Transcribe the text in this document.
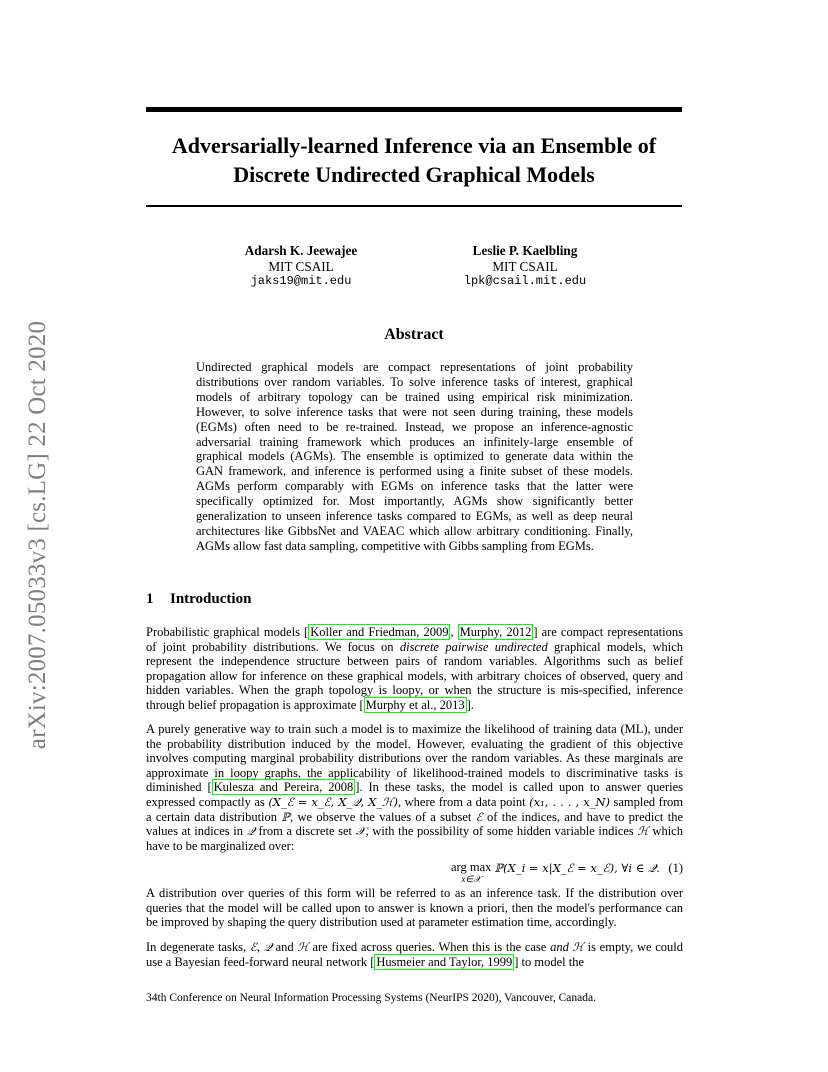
arXiv:2007.05033v3 [cs.LG] 22 Oct 2020
Adversarially-learned Inference via an Ensemble of
Discrete Undirected Graphical Models
Adarsh K. Jeewajee
MIT CSAIL
jaks19@mit.edu
Leslie P. Kaelbling
MIT CSAIL
lpk@csail.mit.edu
Abstract
Undirected graphical models are compact representations of joint probability distributions over random variables. To solve inference tasks of interest, graphical models of arbitrary topology can be trained using empirical risk minimization. However, to solve inference tasks that were not seen during training, these models (EGMs) often need to be re-trained. Instead, we propose an inference-agnostic adversarial training framework which produces an infinitely-large ensemble of graphical models (AGMs). The ensemble is optimized to generate data within the GAN framework, and inference is performed using a finite subset of these models. AGMs perform comparably with EGMs on inference tasks that the latter were specifically optimized for. Most importantly, AGMs show significantly better generalization to unseen inference tasks compared to EGMs, as well as deep neural architectures like GibbsNet and VAEAC which allow arbitrary conditioning. Finally, AGMs allow fast data sampling, competitive with Gibbs sampling from EGMs.
1 Introduction
Probabilistic graphical models [ Koller and Friedman, 2009 , Murphy, 2012 ] are compact representations of joint probability distributions. We focus on discrete pairwise undirected graphical models, which represent the independence structure between pairs of random variables. Algorithms such as belief propagation allow for inference on these graphical models, with arbitrary choices of observed, query and hidden variables. When the graph topology is loopy, or when the structure is mis-specified, inference through belief propagation is approximate [ Murphy et al., 2013 ].
A purely generative way to train such a model is to maximize the likelihood of training data (ML), under the probability distribution induced by the model. However, evaluating the gradient of this objective involves computing marginal probability distributions over the random variables. As these marginals are approximate in loopy graphs, the applicability of likelihood-trained models to discriminative tasks is diminished [ Kulesza and Pereira, 2008 ]. In these tasks, the model is called upon to answer queries expressed compactly as (X_ℰ = x_ℰ, X_𝒬, X_ℋ), where from a data point (x₁, . . . , x_N) sampled from a certain data distribution ℙ, we observe the values of a subset ℰ of the indices, and have to predict the values at indices in 𝒬 from a discrete set 𝒳, with the possibility of some hidden variable indices ℋ which have to be marginalized over:
arg max
x∈𝒳
ℙ(X_i = x|X_ℰ = x_ℰ), ∀i ∈ 𝒬. (1)
A distribution over queries of this form will be referred to as an inference task. If the distribution over queries that the model will be called upon to answer is known a priori, then the model's performance can be improved by shaping the query distribution used at parameter estimation time, accordingly.
In degenerate tasks, ℰ, 𝒬 and ℋ are fixed across queries. When this is the case and ℋ is empty, we could use a Bayesian feed-forward neural network [ Husmeier and Taylor, 1999 ] to model the
34th Conference on Neural Information Processing Systems (NeurIPS 2020), Vancouver, Canada.
